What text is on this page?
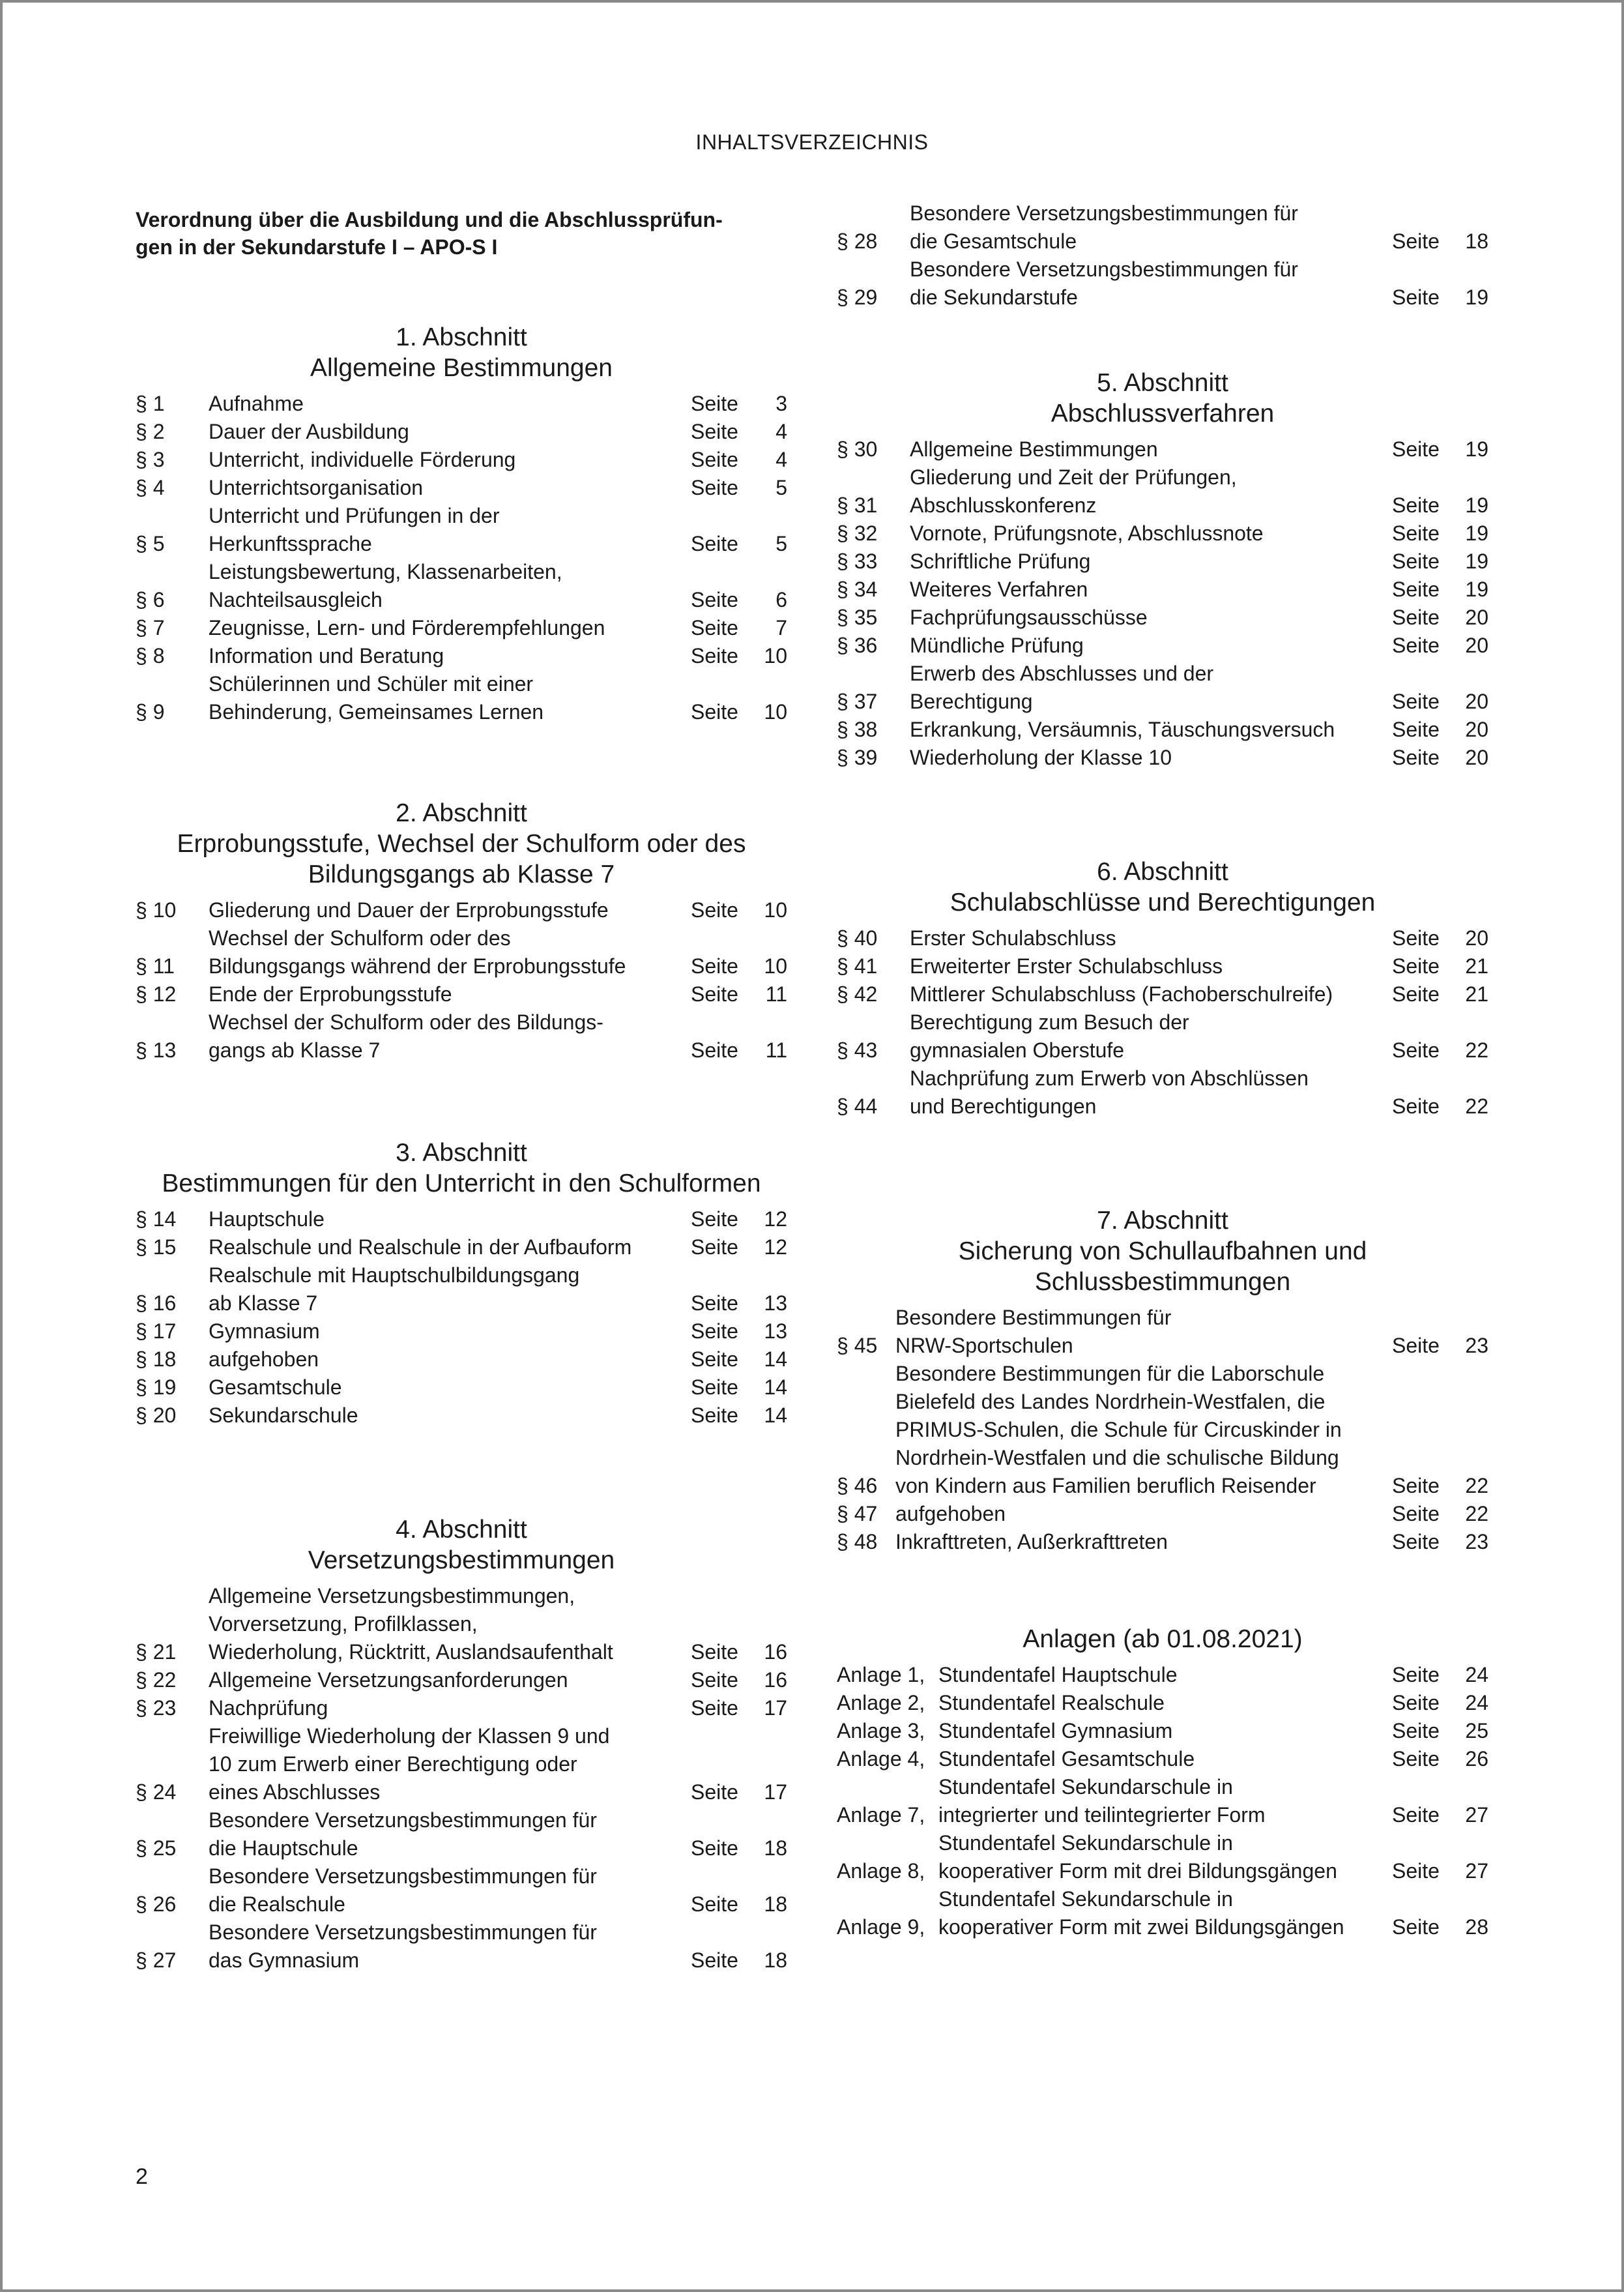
INHALTSVERZEICHNIS
Verordnung über die Ausbildung und die Abschlussprüfun-
gen in der Sekundarstufe I – APO-S I
1. Abschnitt
Allgemeine Bestimmungen
§ 1	Aufnahme	Seite	3
§ 2	Dauer der Ausbildung	Seite	4
§ 3	Unterricht, individuelle Förderung	Seite	4
§ 4	Unterrichtsorganisation	Seite	5
§ 5	Unterricht und Prüfungen in der
Herkunftssprache	Seite	5
§ 6	Leistungsbewertung, Klassenarbeiten,
Nachteilsausgleich	Seite	6
§ 7	Zeugnisse, Lern- und Förderempfehlungen	Seite	7
§ 8	Information und Beratung	Seite	10
§ 9	Schülerinnen und Schüler mit einer
Behinderung, Gemeinsames Lernen	Seite	10
2. Abschnitt
Erprobungsstufe, Wechsel der Schulform oder des
Bildungsgangs ab Klasse 7
§ 10	Gliederung und Dauer der Erprobungsstufe	Seite	10
§ 11	Wechsel der Schulform oder des
Bildungsgangs während der Erprobungsstufe	Seite	10
§ 12	Ende der Erprobungsstufe	Seite	11
§ 13	Wechsel der Schulform oder des Bildungs-
gangs ab Klasse 7	Seite	11
3. Abschnitt
Bestimmungen für den Unterricht in den Schulformen
§ 14	Hauptschule	Seite	12
§ 15	Realschule und Realschule in der Aufbauform	Seite	12
§ 16	Realschule mit Hauptschulbildungsgang
ab Klasse 7	Seite	13
§ 17	Gymnasium	Seite	13
§ 18	aufgehoben	Seite	14
§ 19	Gesamtschule	Seite	14
§ 20	Sekundarschule	Seite	14
4. Abschnitt
Versetzungsbestimmungen
§ 21	Allgemeine Versetzungsbestimmungen,
Vorversetzung, Profilklassen,
Wiederholung, Rücktritt, Auslandsaufenthalt	Seite	16
§ 22	Allgemeine Versetzungsanforderungen	Seite	16
§ 23	Nachprüfung	Seite	17
§ 24	Freiwillige Wiederholung der Klassen 9 und
10 zum Erwerb einer Berechtigung oder
eines Abschlusses	Seite	17
§ 25	Besondere Versetzungsbestimmungen für
die Hauptschule	Seite	18
§ 26	Besondere Versetzungsbestimmungen für
die Realschule	Seite	18
§ 27	Besondere Versetzungsbestimmungen für
das Gymnasium	Seite	18
§ 28	Besondere Versetzungsbestimmungen für
die Gesamtschule	Seite	18
§ 29	Besondere Versetzungsbestimmungen für
die Sekundarstufe	Seite	19
5. Abschnitt
Abschlussverfahren
§ 30	Allgemeine Bestimmungen	Seite	19
§ 31	Gliederung und Zeit der Prüfungen,
Abschlusskonferenz	Seite	19
§ 32	Vornote, Prüfungsnote, Abschlussnote	Seite	19
§ 33	Schriftliche Prüfung	Seite	19
§ 34	Weiteres Verfahren	Seite	19
§ 35	Fachprüfungsausschüsse	Seite	20
§ 36	Mündliche Prüfung	Seite	20
§ 37	Erwerb des Abschlusses und der
Berechtigung	Seite	20
§ 38	Erkrankung, Versäumnis, Täuschungsversuch	Seite	20
§ 39	Wiederholung der Klasse 10	Seite	20
6. Abschnitt
Schulabschlüsse und Berechtigungen
§ 40	Erster Schulabschluss	Seite	20
§ 41	Erweiterter Erster Schulabschluss	Seite	21
§ 42	Mittlerer Schulabschluss (Fachoberschulreife)	Seite	21
§ 43	Berechtigung zum Besuch der
gymnasialen Oberstufe	Seite	22
§ 44	Nachprüfung zum Erwerb von Abschlüssen
und Berechtigungen	Seite	22
7. Abschnitt
Sicherung von Schullaufbahnen und
Schlussbestimmungen
§ 45	Besondere Bestimmungen für
NRW-Sportschulen	Seite	23
§ 46	Besondere Bestimmungen für die Laborschule
Bielefeld des Landes Nordrhein-Westfalen, die
PRIMUS-Schulen, die Schule für Circuskinder in
Nordrhein-Westfalen und die schulische Bildung
von Kindern aus Familien beruflich Reisender	Seite	22
§ 47	aufgehoben	Seite	22
§ 48	Inkrafttreten, Außerkrafttreten	Seite	23
Anlagen (ab 01.08.2021)
Anlage 1,	Stundentafel Hauptschule	Seite	24
Anlage 2,	Stundentafel Realschule	Seite	24
Anlage 3,	Stundentafel Gymnasium	Seite	25
Anlage 4,	Stundentafel Gesamtschule	Seite	26
Anlage 7,	Stundentafel Sekundarschule in
integrierter und teilintegrierter Form	Seite	27
Anlage 8,	Stundentafel Sekundarschule in
kooperativer Form mit drei Bildungsgängen	Seite	27
Anlage 9,	Stundentafel Sekundarschule in
kooperativer Form mit zwei Bildungsgängen	Seite	28
2
